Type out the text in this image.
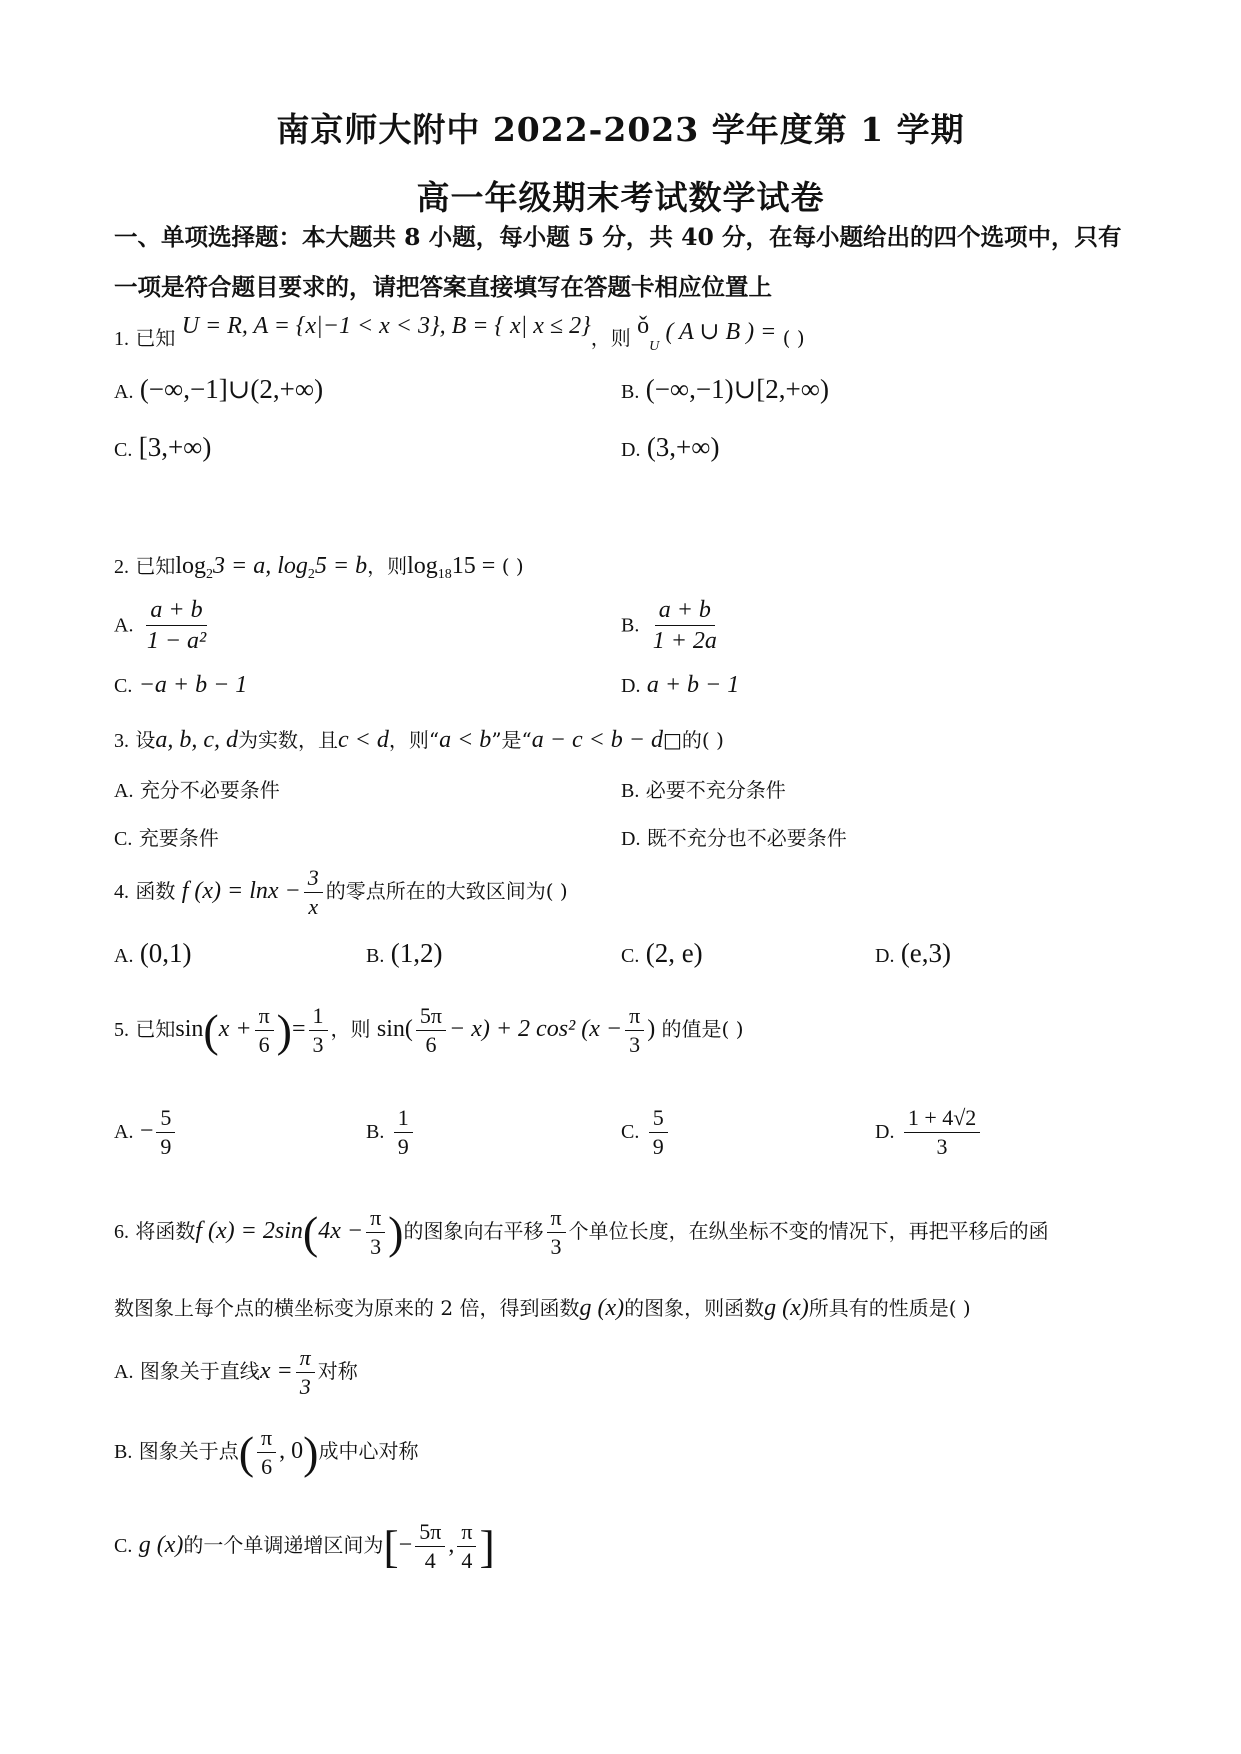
南京师大附中 2022-2023 学年度第 1 学期
高一年级期末考试数学试卷
一、单项选择题：本大题共 8 小题，每小题 5 分，共 40 分，在每小题给出的四个选项中，只有
一项是符合题目要求的，请把答案直接填写在答题卡相应位置上
1. 已知 U = R, A = {x|−1 < x < 3}, B = { x| x ≤ 2}，则 $ǒ_U$ ( A ∪ B ) = ( )
A. (−∞,−1]∪(2,+∞)	B. (−∞,−1)∪[2,+∞)
C. [3,+∞)	D. (3,+∞)
2. 已知$\log_23 = a$, $\log_25 = b$，则$\log_{18}15$ = ( )
A. $\frac{a + b}{\text{1 − a²}}$	B. $\frac{a + b}{1 + 2a}$
C. −a + b − 1	D. a + b − 1
3. 设a, b, c, d为实数，且c < d，则“a < b”是“a − c < b − d□的( )
A. 充分不必要条件	B. 必要不充分条件
C. 充要条件	D. 既不充分也不必要条件
4. 函数 f $(x) = \ln x - \frac{3}{x}$ 的零点所在的大致区间为( )
A. (0,1)	B. (1,2)	C. (2, e)	D. (e,3)
5. 已知$\sin(x + \frac{\pi}{6}$ )= $\frac{1}{3}$ ，则 $\sin( \frac{5\pi}{6} - x) + 2$ cos² ($x - \frac{\pi}{3}$ ) 的值是( )
A. − $\frac{5}{9}$	B. $\frac{1}{9}$	C. $\frac{5}{9}$	D. $\frac{1 + 4√2}{3}$
6. 将函数f $(x) = 2\sin(4x - \frac{\pi}{3}$ )的图象向右平移 $\frac{\pi}{3}$ 个单位长度，在纵坐标不变的情况下，再把平移后的函
数图象上每个点的横坐标变为原来的 2 倍，得到函数g (x)的图象，则函数g (x)所具有的性质是( )
A. 图象关于直线$x = \frac{\pi}{3}$ 对称
B. 图象关于点( $\frac{\pi}{6}$ , 0)成中心对称
C. g (x)的一个单调递增区间为[− $\frac{5\pi}{4}$ , $\frac{\pi}{4}$ ]
